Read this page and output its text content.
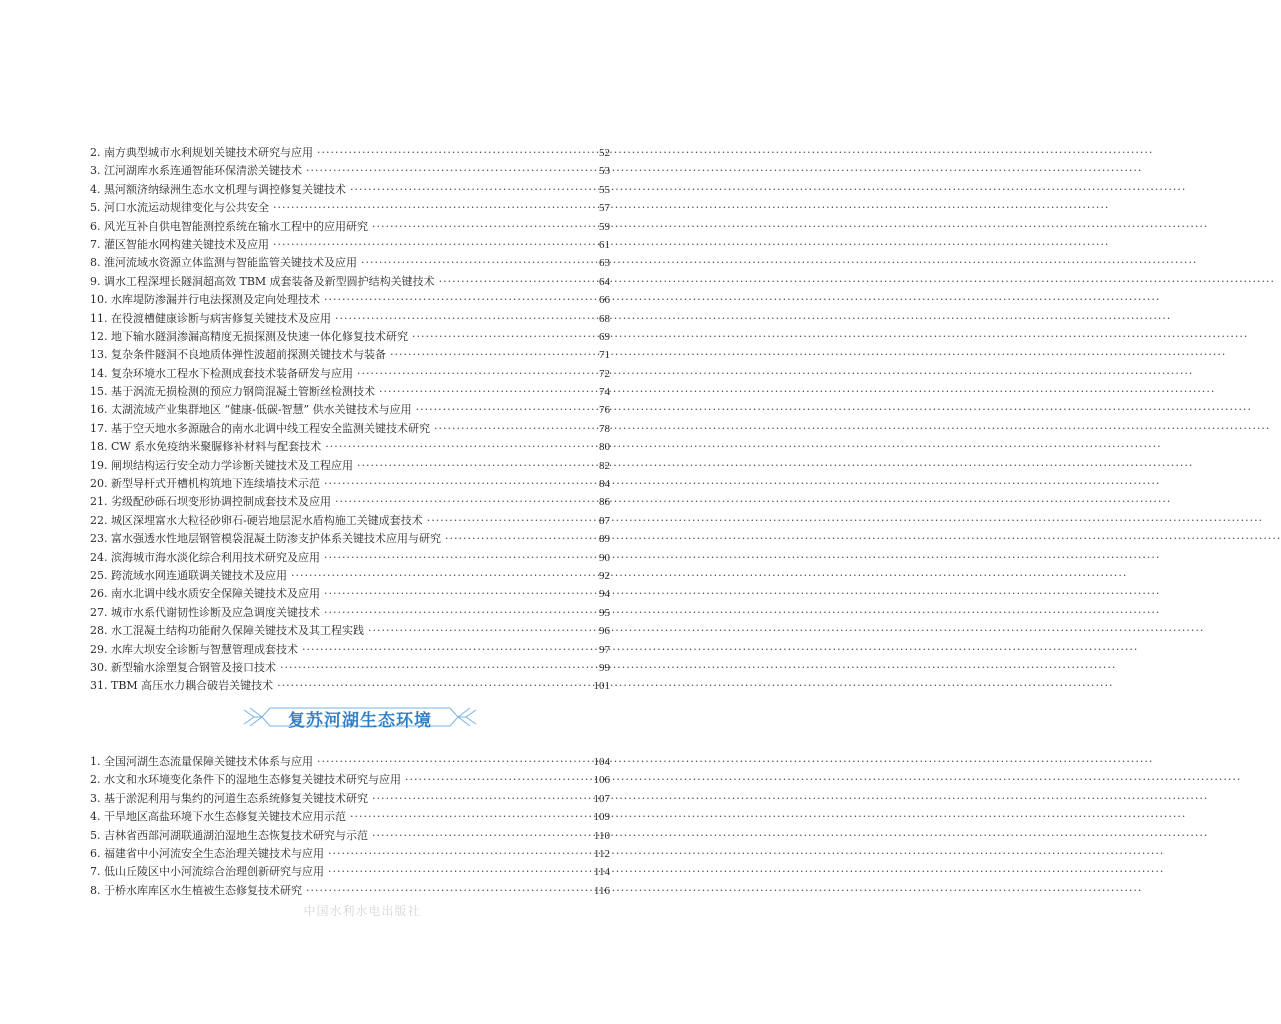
2. 南方典型城市水利规划关键技术研究与应用 ·····	52
3. 江河湖库水系连通智能环保清淤关键技术 ·····	53
4. 黑河额济纳绿洲生态水文机理与调控修复关键技术 ·····	55
5. 河口水流运动规律变化与公共安全 ·····	57
6. 风光互补自供电智能测控系统在输水工程中的应用研究 ·····	59
7. 灌区智能水网构建关键技术及应用 ·····	61
8. 淮河流域水资源立体监测与智能监管关键技术及应用 ·····	63
9. 调水工程深埋长隧洞超高效 TBM 成套装备及新型圆护结构关键技术 ·····	64
10. 水库堤防渗漏并行电法探测及定向处理技术 ·····	66
11. 在役渡槽健康诊断与病害修复关键技术及应用 ·····	68
12. 地下输水隧洞渗漏高精度无损探测及快速一体化修复技术研究 ·····	69
13. 复杂条件隧洞不良地质体弹性波超前探测关键技术与装备 ·····	71
14. 复杂环境水工程水下检测成套技术装备研发与应用 ·····	72
15. 基于涡流无损检测的预应力钢筒混凝土管断丝检测技术 ·····	74
16. 太湖流域产业集群地区 “健康-低碳-智慧” 供水关键技术与应用 ·····	76
17. 基于空天地水多源融合的南水北调中线工程安全监测关键技术研究 ·····	78
18. CW 系水免疫纳米聚脲修补材料与配套技术 ·····	80
19. 闸坝结构运行安全动力学诊断关键技术及工程应用 ·····	82
20. 新型导杆式开槽机构筑地下连续墙技术示范 ·····	84
21. 劣级配砂砾石坝变形协调控制成套技术及应用 ·····	86
22. 城区深埋富水大粒径砂卵石-硬岩地层泥水盾构施工关键成套技术 ·····	87
23. 富水强透水性地层钢管模袋混凝土防渗支护体系关键技术应用与研究 ·····	89
24. 滨海城市海水淡化综合利用技术研究及应用 ·····	90
25. 跨流域水网连通联调关键技术及应用 ·····	92
26. 南水北调中线水质安全保障关键技术及应用 ·····	94
27. 城市水系代谢韧性诊断及应急调度关键技术 ·····	95
28. 水工混凝土结构功能耐久保障关键技术及其工程实践 ·····	96
29. 水库大坝安全诊断与智慧管理成套技术 ·····	97
30. 新型输水涂塑复合钢管及接口技术 ·····	99
31. TBM 高压水力耦合破岩关键技术 ·····	101
复苏河湖生态环境
1. 全国河湖生态流量保障关键技术体系与应用 ·····	104
2. 水文和水环境变化条件下的湿地生态修复关键技术研究与应用 ·····	106
3. 基于淤泥利用与集约的河道生态系统修复关键技术研究 ·····	107
4. 干旱地区高盐环境下水生态修复关键技术应用示范 ·····	109
5. 吉林省西部河湖联通湖泊湿地生态恢复技术研究与示范 ·····	110
6. 福建省中小河流安全生态治理关键技术与应用 ·····	112
7. 低山丘陵区中小河流综合治理创新研究与应用 ·····	114
8. 于桥水库库区水生植被生态修复技术研究 ·····	116
中国水利水电出版社
